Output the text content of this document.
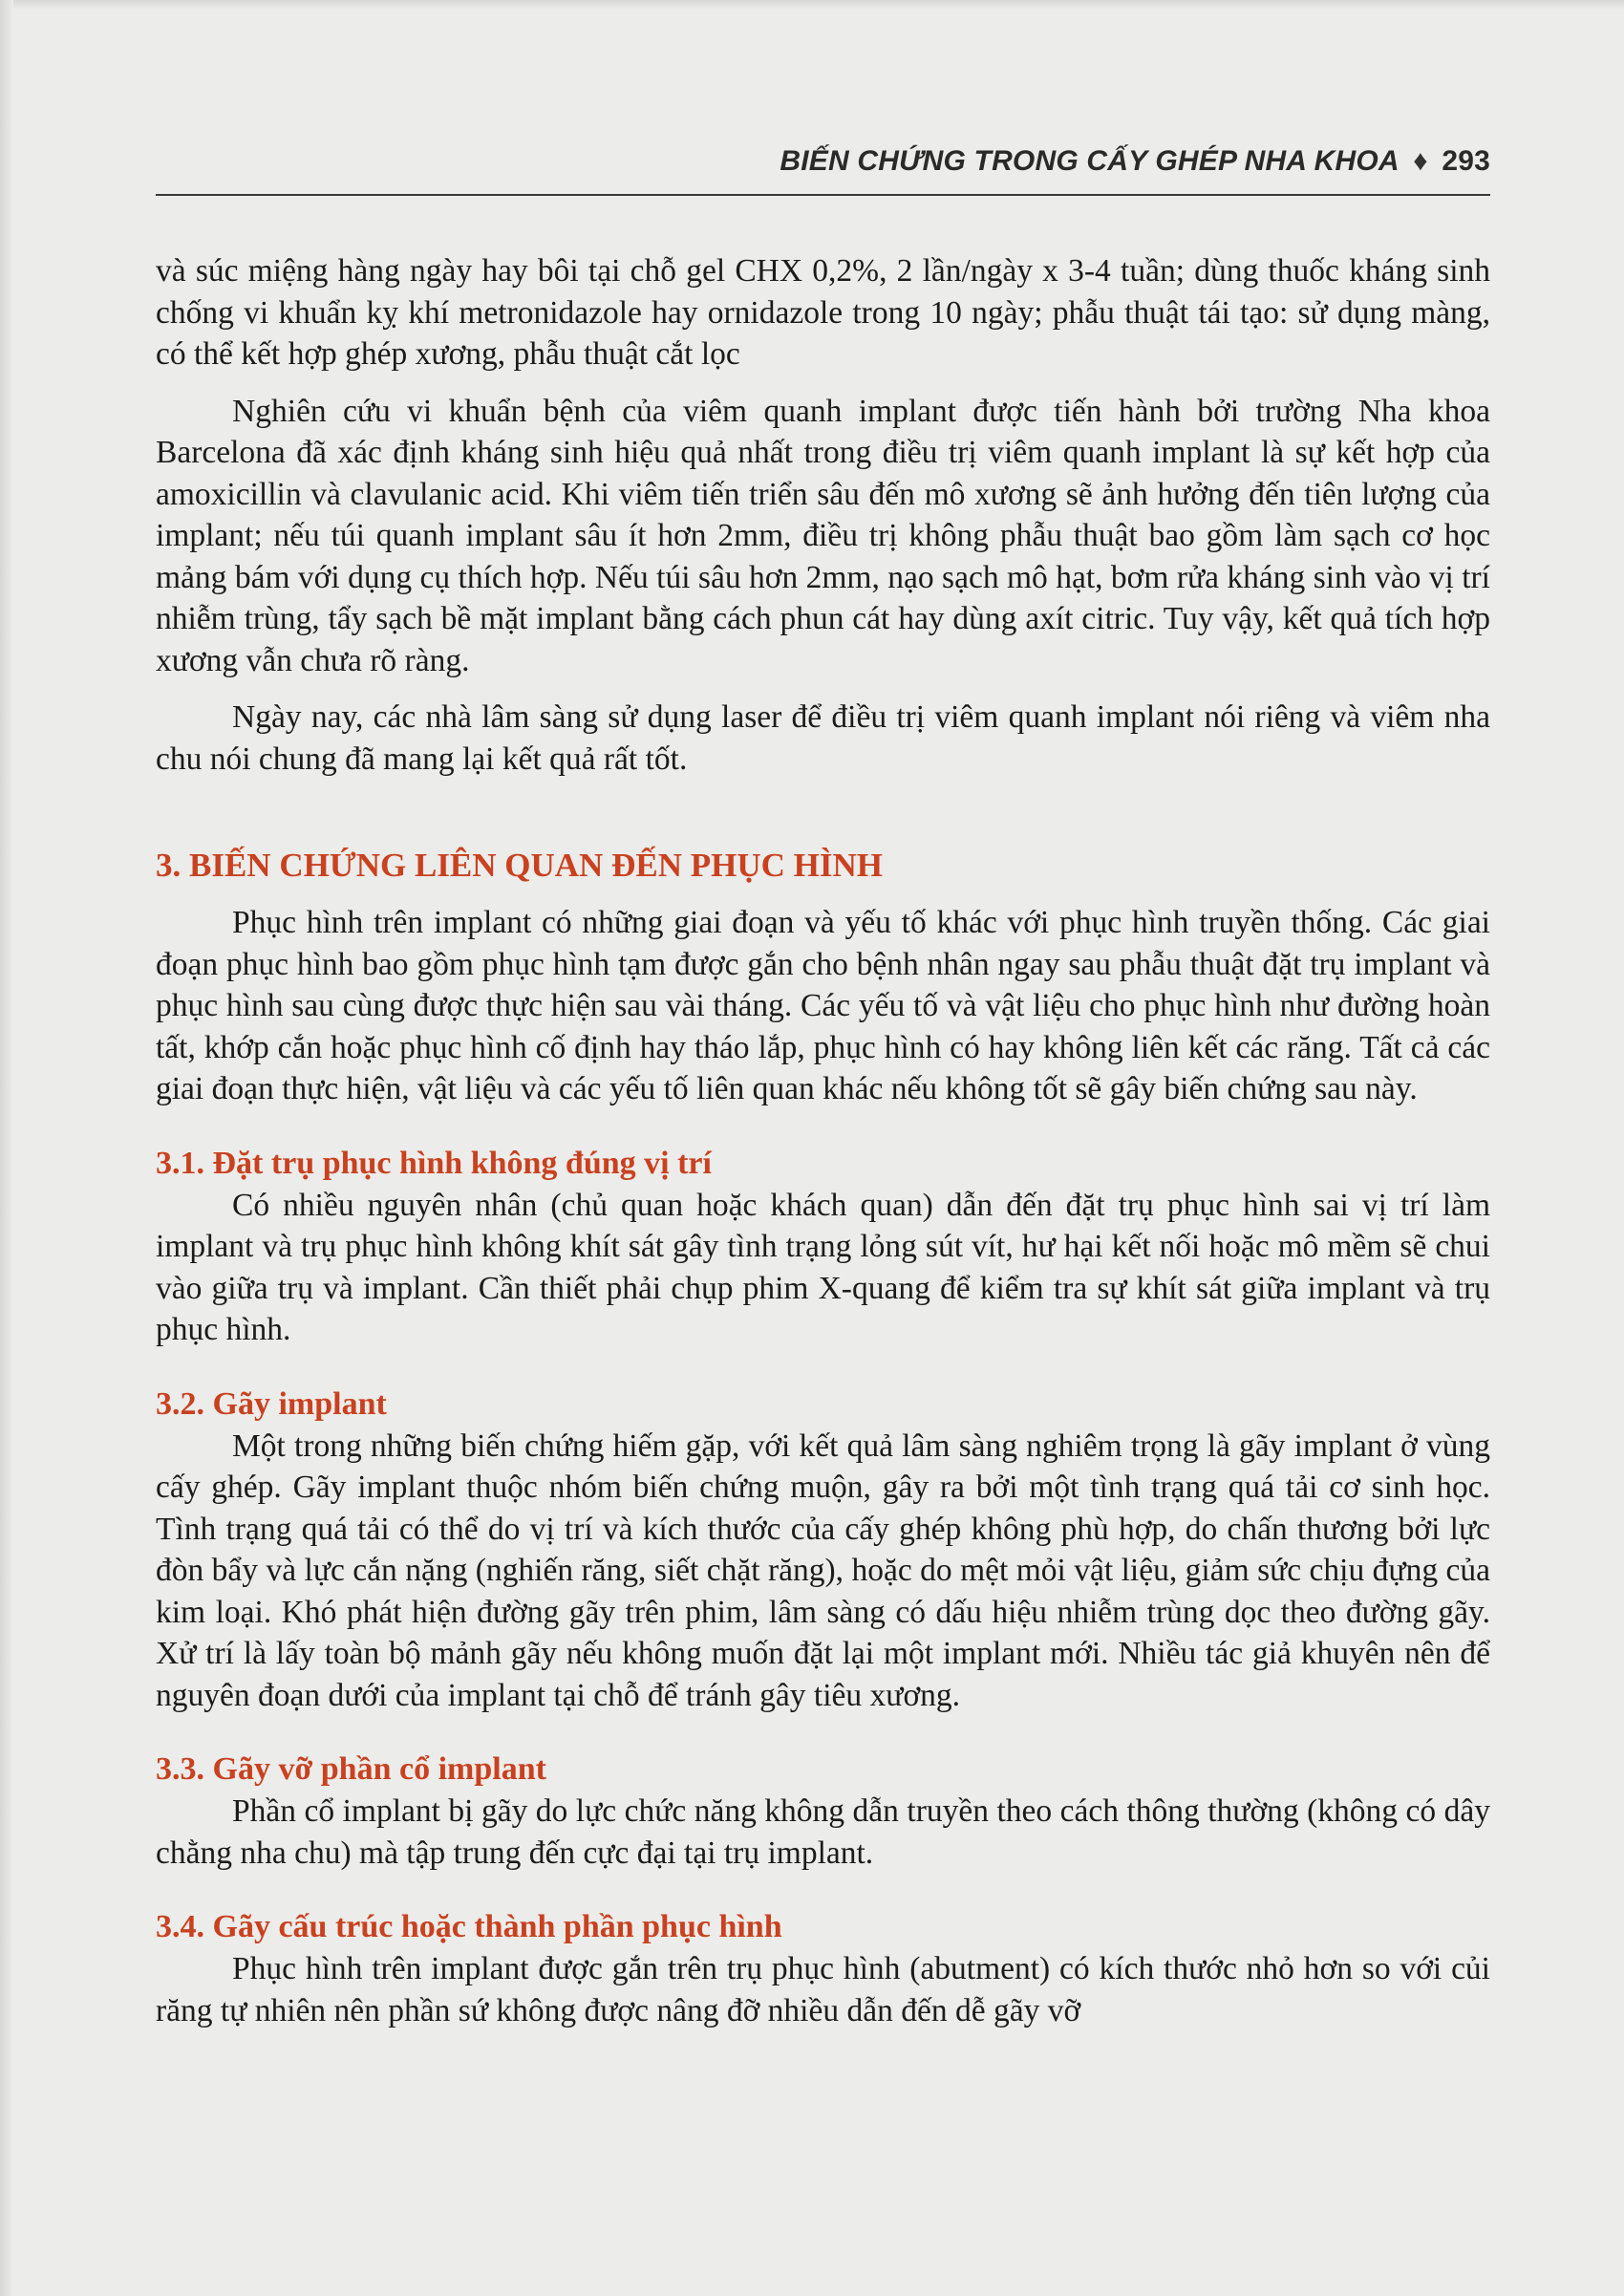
BIẾN CHỨNG TRONG CẤY GHÉP NHA KHOA ♦ 293

và súc miệng hàng ngày hay bôi tại chỗ gel CHX 0,2%, 2 lần/ngày x 3-4 tuần; dùng thuốc kháng sinh chống vi khuẩn kỵ khí metronidazole hay ornidazole trong 10 ngày; phẫu thuật tái tạo: sử dụng màng, có thể kết hợp ghép xương, phẫu thuật cắt lọc

Nghiên cứu vi khuẩn bệnh của viêm quanh implant được tiến hành bởi trường Nha khoa Barcelona đã xác định kháng sinh hiệu quả nhất trong điều trị viêm quanh implant là sự kết hợp của amoxicillin và clavulanic acid. Khi viêm tiến triển sâu đến mô xương sẽ ảnh hưởng đến tiên lượng của implant; nếu túi quanh implant sâu ít hơn 2mm, điều trị không phẫu thuật bao gồm làm sạch cơ học mảng bám với dụng cụ thích hợp. Nếu túi sâu hơn 2mm, nạo sạch mô hạt, bơm rửa kháng sinh vào vị trí nhiễm trùng, tẩy sạch bề mặt implant bằng cách phun cát hay dùng axít citric. Tuy vậy, kết quả tích hợp xương vẫn chưa rõ ràng.

Ngày nay, các nhà lâm sàng sử dụng laser để điều trị viêm quanh implant nói riêng và viêm nha chu nói chung đã mang lại kết quả rất tốt.

3. BIẾN CHỨNG LIÊN QUAN ĐẾN PHỤC HÌNH

Phục hình trên implant có những giai đoạn và yếu tố khác với phục hình truyền thống. Các giai đoạn phục hình bao gồm phục hình tạm được gắn cho bệnh nhân ngay sau phẫu thuật đặt trụ implant và phục hình sau cùng được thực hiện sau vài tháng. Các yếu tố và vật liệu cho phục hình như đường hoàn tất, khớp cắn hoặc phục hình cố định hay tháo lắp, phục hình có hay không liên kết các răng. Tất cả các giai đoạn thực hiện, vật liệu và các yếu tố liên quan khác nếu không tốt sẽ gây biến chứng sau này.

3.1. Đặt trụ phục hình không đúng vị trí

Có nhiều nguyên nhân (chủ quan hoặc khách quan) dẫn đến đặt trụ phục hình sai vị trí làm implant và trụ phục hình không khít sát gây tình trạng lỏng sút vít, hư hại kết nối hoặc mô mềm sẽ chui vào giữa trụ và implant. Cần thiết phải chụp phim X-quang để kiểm tra sự khít sát giữa implant và trụ phục hình.

3.2. Gãy implant

Một trong những biến chứng hiếm gặp, với kết quả lâm sàng nghiêm trọng là gãy implant ở vùng cấy ghép. Gãy implant thuộc nhóm biến chứng muộn, gây ra bởi một tình trạng quá tải cơ sinh học. Tình trạng quá tải có thể do vị trí và kích thước của cấy ghép không phù hợp, do chấn thương bởi lực đòn bẩy và lực cắn nặng (nghiến răng, siết chặt răng), hoặc do mệt mỏi vật liệu, giảm sức chịu đựng của kim loại. Khó phát hiện đường gãy trên phim, lâm sàng có dấu hiệu nhiễm trùng dọc theo đường gãy. Xử trí là lấy toàn bộ mảnh gãy nếu không muốn đặt lại một implant mới. Nhiều tác giả khuyên nên để nguyên đoạn dưới của implant tại chỗ để tránh gây tiêu xương.

3.3. Gãy vỡ phần cổ implant

Phần cổ implant bị gãy do lực chức năng không dẫn truyền theo cách thông thường (không có dây chằng nha chu) mà tập trung đến cực đại tại trụ implant.

3.4. Gãy cấu trúc hoặc thành phần phục hình

Phục hình trên implant được gắn trên trụ phục hình (abutment) có kích thước nhỏ hơn so với củi răng tự nhiên nên phần sứ không được nâng đỡ nhiều dẫn đến dễ gãy vỡ
